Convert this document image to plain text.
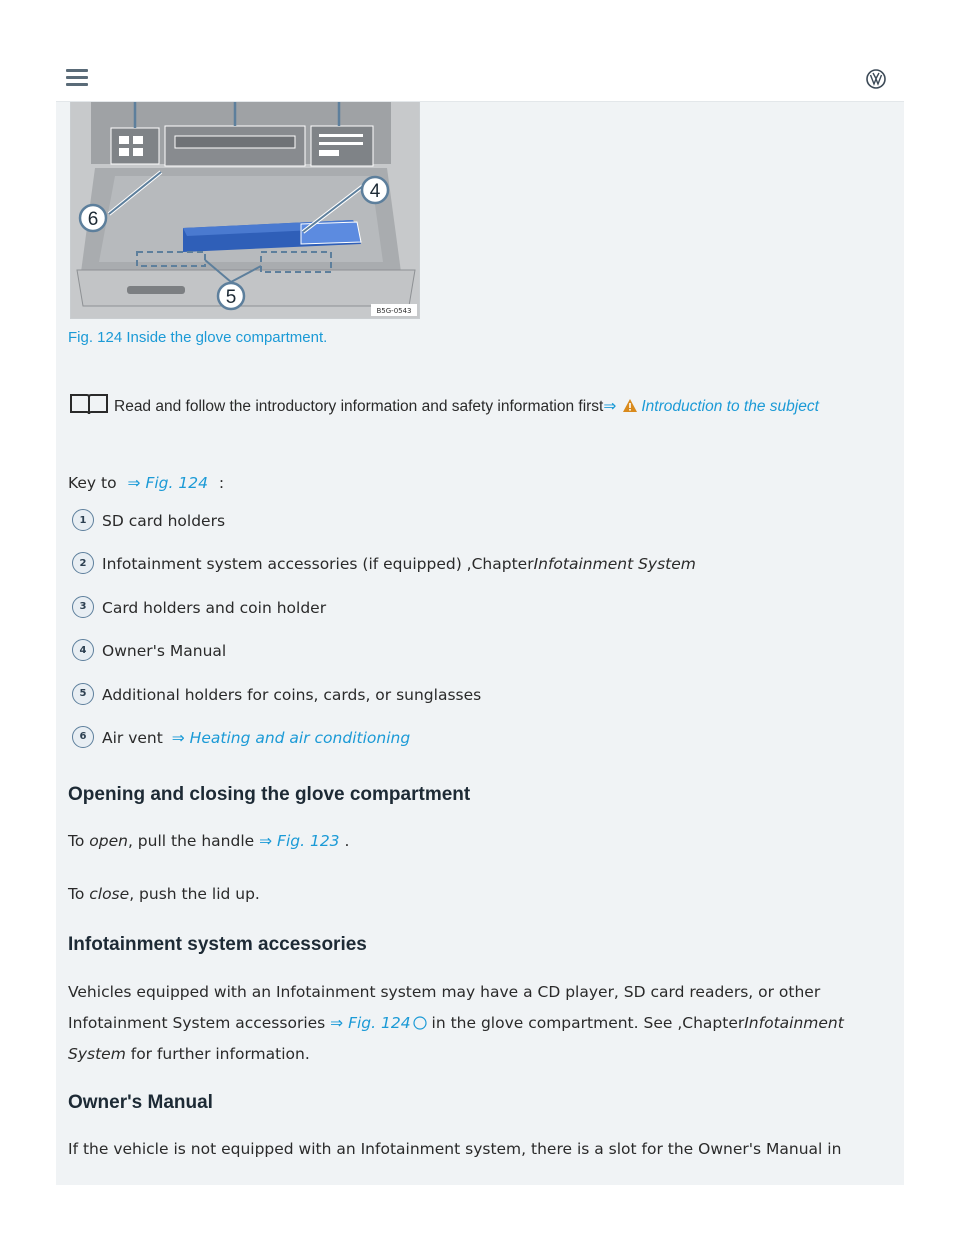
4
6
5
B5G-0543
Fig. 124 Inside the glove compartment.
Read and follow the introductory information and safety information first⇒ Introduction to the subject
Key to ⇒ Fig. 124 :
1	SD card holders
2	Infotainment system accessories (if equipped) ,ChapterInfotainment System
3	Card holders and coin holder
4	Owner's Manual
5	Additional holders for coins, cards, or sunglasses
6	Air vent ⇒ Heating and air conditioning
Opening and closing the glove compartment
To open, pull the handle ⇒ Fig. 123 .
To close, push the lid up.
Infotainment system accessories
Vehicles equipped with an Infotainment system may have a CD player, SD card readers, or other Infotainment System accessories ⇒ Fig. 124 in the glove compartment. See ,ChapterInfotainment System for further information.
Owner's Manual
If the vehicle is not equipped with an Infotainment system, there is a slot for the Owner's Manual in
